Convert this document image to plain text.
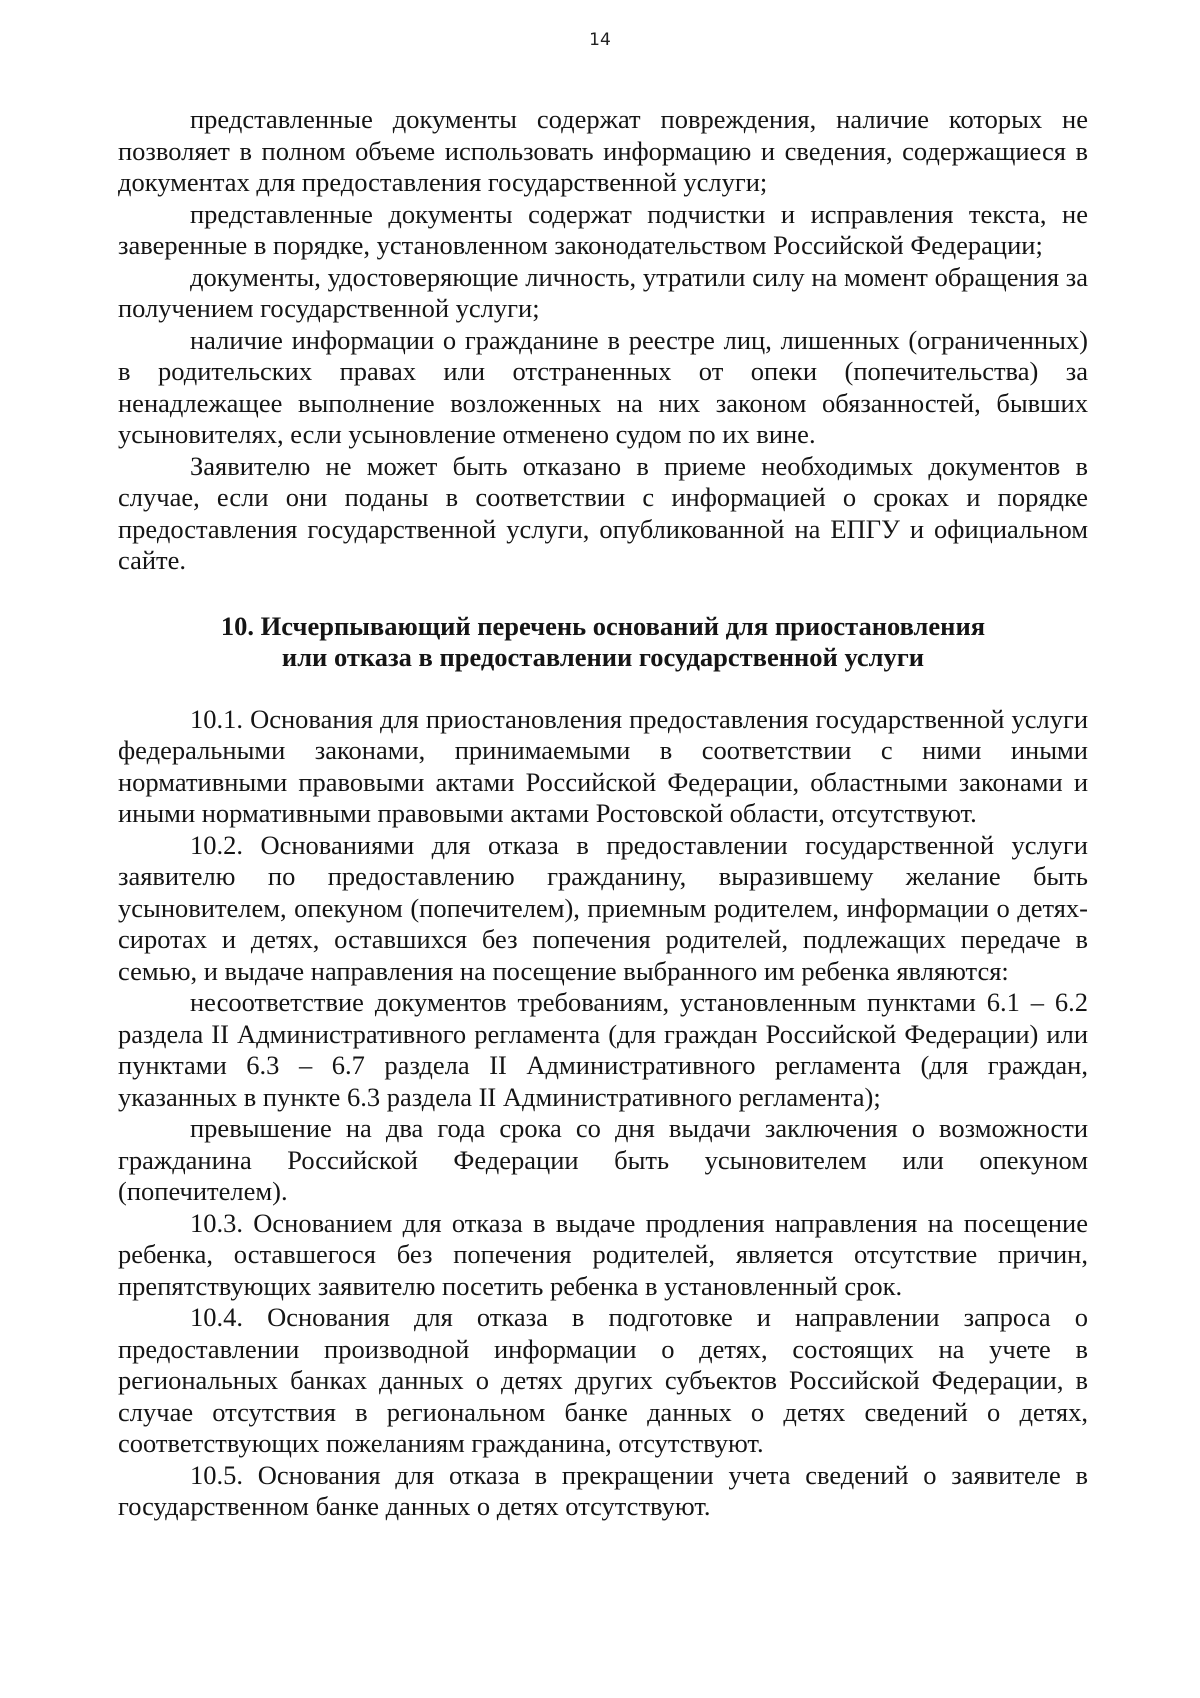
14

представленные документы содержат повреждения, наличие которых не позволяет в полном объеме использовать информацию и сведения, содержащиеся в документах для предоставления государственной услуги;

представленные документы содержат подчистки и исправления текста, не заверенные в порядке, установленном законодательством Российской Федерации;

документы, удостоверяющие личность, утратили силу на момент обращения за получением государственной услуги;

наличие информации о гражданине в реестре лиц, лишенных (ограниченных) в родительских правах или отстраненных от опеки (попечительства) за ненадлежащее выполнение возложенных на них законом обязанностей, бывших усыновителях, если усыновление отменено судом по их вине.

Заявителю не может быть отказано в приеме необходимых документов в случае, если они поданы в соответствии с информацией о сроках и порядке предоставления государственной услуги, опубликованной на ЕПГУ и официальном сайте.

10. Исчерпывающий перечень оснований для приостановления
или отказа в предоставлении государственной услуги

10.1. Основания для приостановления предоставления государственной услуги федеральными законами, принимаемыми в соответствии с ними иными нормативными правовыми актами Российской Федерации, областными законами и иными нормативными правовыми актами Ростовской области, отсутствуют.

10.2. Основаниями для отказа в предоставлении государственной услуги заявителю по предоставлению гражданину, выразившему желание быть усыновителем, опекуном (попечителем), приемным родителем, информации о детях-сиротах и детях, оставшихся без попечения родителей, подлежащих передаче в семью, и выдаче направления на посещение выбранного им ребенка являются:

несоответствие документов требованиям, установленным пунктами 6.1 – 6.2 раздела II Административного регламента (для граждан Российской Федерации) или пунктами 6.3 – 6.7 раздела II Административного регламента (для граждан, указанных в пункте 6.3 раздела II Административного регламента);

превышение на два года срока со дня выдачи заключения о возможности гражданина Российской Федерации быть усыновителем или опекуном (попечителем).

10.3. Основанием для отказа в выдаче продления направления на посещение ребенка, оставшегося без попечения родителей, является отсутствие причин, препятствующих заявителю посетить ребенка в установленный срок.

10.4. Основания для отказа в подготовке и направлении запроса о предоставлении производной информации о детях, состоящих на учете в региональных банках данных о детях других субъектов Российской Федерации, в случае отсутствия в региональном банке данных о детях сведений о детях, соответствующих пожеланиям гражданина, отсутствуют.

10.5. Основания для отказа в прекращении учета сведений о заявителе в государственном банке данных о детях отсутствуют.
